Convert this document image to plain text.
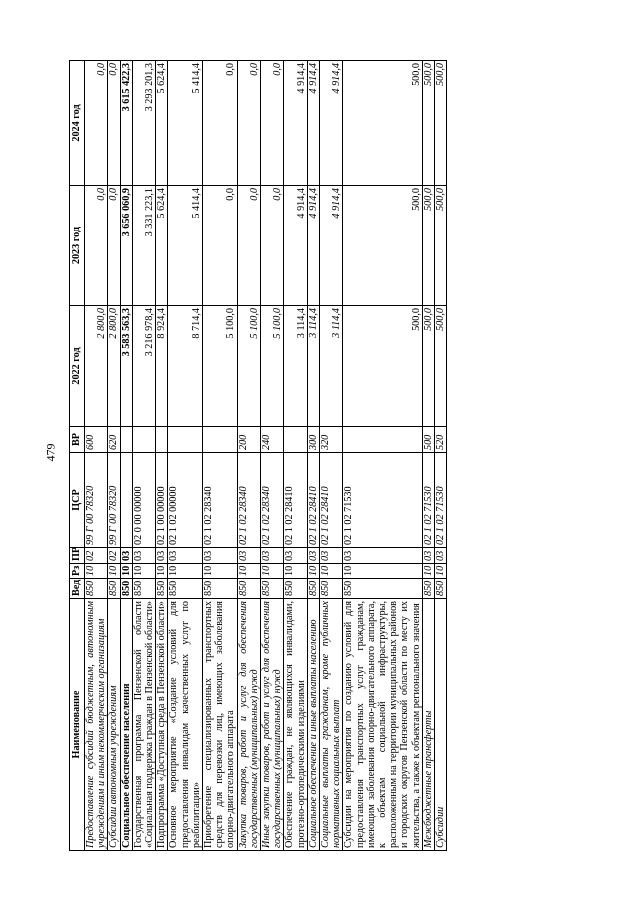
479
Наименование	Вед	Рз	ПР	ЦСР	ВР	2022 год	2023 год	2024 год
Предоставление субсидий бюджетным, автономным учреждениям и иным некоммерческим организациям	850	10	02	99 Г 00 78320	600	2 800,0	0,0	0,0
Субсидии автономным учреждениям	850	10	02	99 Г 00 78320	620	2 800,0	0,0	0,0
Социальное обеспечение населения	850	10	03			3 583 563,3	3 656 060,9	3 615 422,3
Государственная программа Пензенской области «Социальная поддержка граждан в Пензенской области»	850	10	03	02 0 00 00000		3 216 978,4	3 331 223,1	3 293 201,3
Подпрограмма «Доступная среда в Пензенской области»	850	10	03	02 1 00 00000		8 924,4	5 624,4	5 624,4
Основное мероприятие «Создание условий для предоставления инвалидам качественных услуг по реабилитации»	850	10	03	02 1 02 00000		8 714,4	5 414,4	5 414,4
Приобретение специализированных транспортных средств для перевозки лиц, имеющих заболевания опорно-двигательного аппарата	850	10	03	02 1 02 28340		5 100,0	0,0	0,0
Закупка товаров, работ и услуг для обеспечения государственных (муниципальных) нужд	850	10	03	02 1 02 28340	200	5 100,0	0,0	0,0
Иные закупки товаров, работ и услуг для обеспечения государственных (муниципальных) нужд	850	10	03	02 1 02 28340	240	5 100,0	0,0	0,0
Обеспечение граждан, не являющихся инвалидами, протезно-ортопедическими изделиями	850	10	03	02 1 02 28410		3 114,4	4 914,4	4 914,4
Социальное обеспечение и иные выплаты населению	850	10	03	02 1 02 28410	300	3 114,4	4 914,4	4 914,4
Социальные выплаты гражданам, кроме публичных нормативных социальных выплат	850	10	03	02 1 02 28410	320	3 114,4	4 914,4	4 914,4
Субсидии на мероприятия по созданию условий для предоставления транспортных услуг гражданам, имеющим заболевания опорно-двигательного аппарата, к объектам социальной инфраструктуры, расположенным на территории муниципальных районов и городских округов Пензенской области по месту их жительства, а также к объектам регионального значения	850	10	03	02 1 02 71530		500,0	500,0	500,0
Межбюджетные трансферты	850	10	03	02 1 02 71530	500	500,0	500,0	500,0
Субсидии	850	10	03	02 1 02 71530	520	500,0	500,0	500,0
